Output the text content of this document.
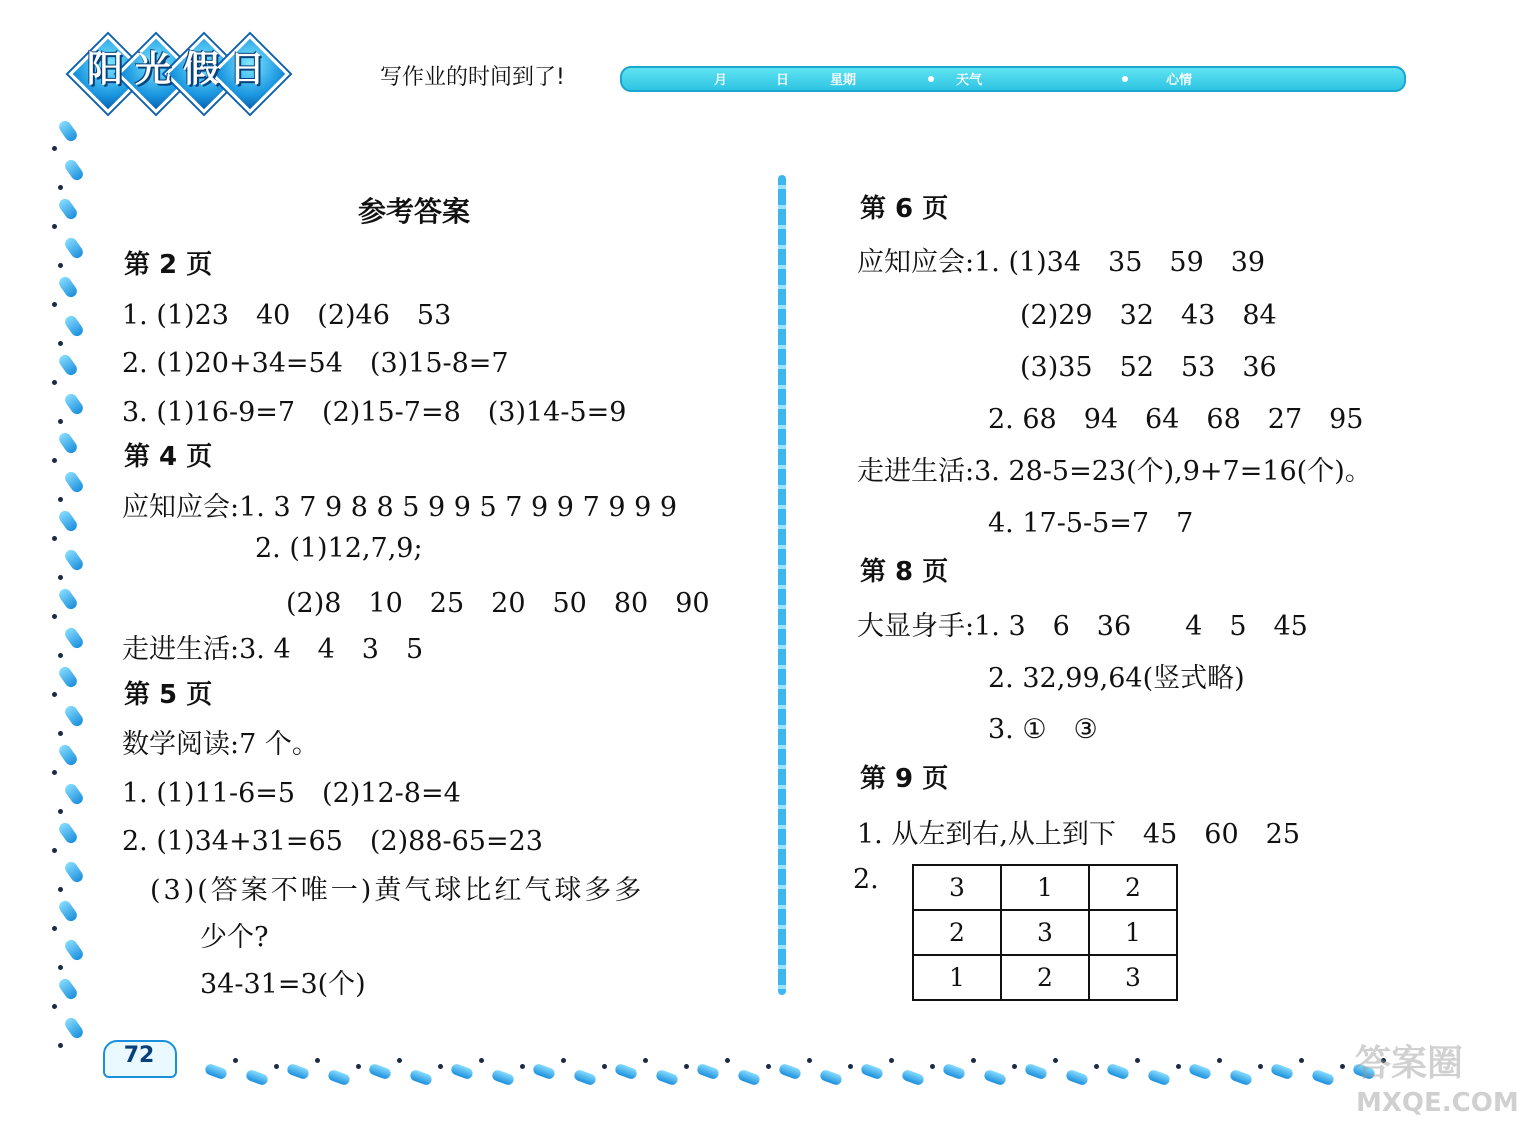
阳 光 假 日	写作业的时间到了!	月	日	星期	天气	心情
参考答案
第 2 页
1. (1)23　40　(2)46　53
2. (1)20+34=54　(3)15-8=7
3. (1)16-9=7　(2)15-7=8　(3)14-5=9
第 4 页
应知应会:1. 3 7 9 8 8 5 9 9 5 7 9 9 7 9 9 9
2. (1)12,7,9;
(2)8　10　25　20　50　80　90
走进生活:3. 4　4　3　5
第 5 页
数学阅读:7 个。
1. (1)11-6=5　(2)12-8=4
2. (1)34+31=65　(2)88-65=23
(3)(答案不唯一)黄气球比红气球多多
少个?
34-31=3(个)
第 6 页
应知应会:1. (1)34　35　59　39
(2)29　32　43　84
(3)35　52　53　36
2. 68　94　64　68　27　95
走进生活:3. 28-5=23(个),9+7=16(个)。
4. 17-5-5=7　7
第 8 页
大显身手:1. 3　6　36　　4　5　45
2. 32,99,64(竖式略)
3. ①　③
第 9 页
1. 从左到右,从上到下　45　60　25
2.	3	1	2
2	3	1
1	2	3
72	答案圈
MXQE.COM
